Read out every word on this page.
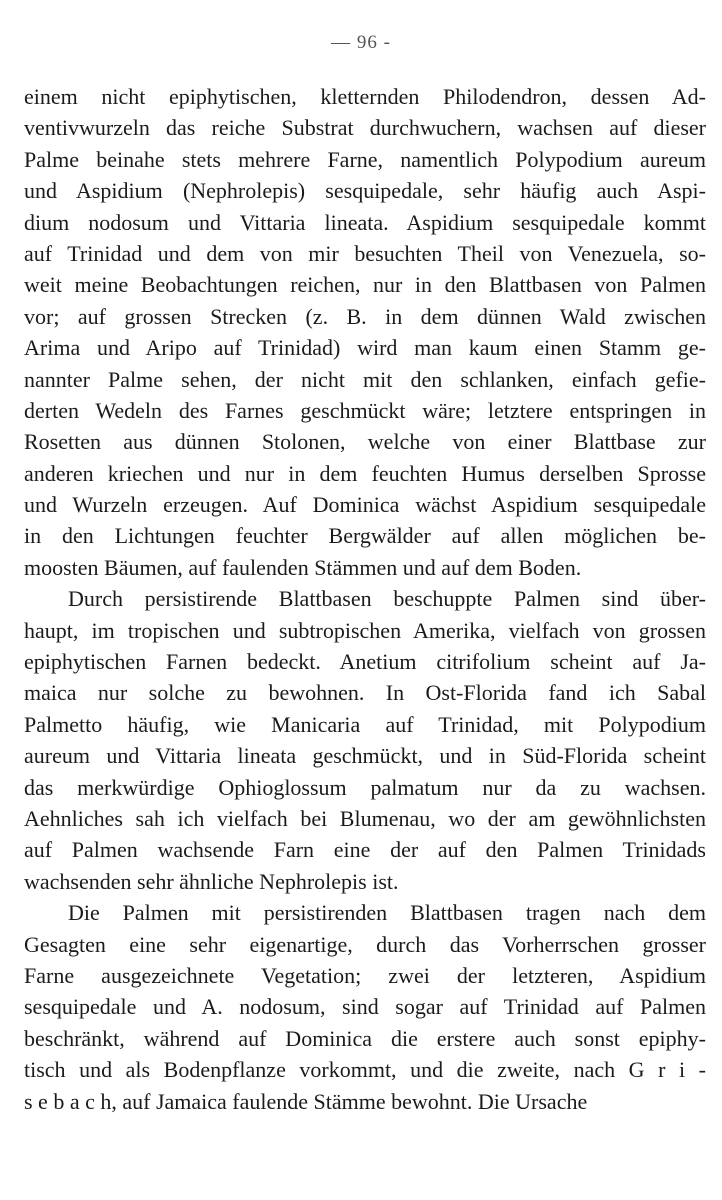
— 96 -
einem nicht epiphytischen, kletternden Philodendron, dessen Ad-
ventivwurzeln das reiche Substrat durchwuchern, wachsen auf dieser
Palme beinahe stets mehrere Farne, namentlich Polypodium aureum
und Aspidium (Nephrolepis) sesquipedale, sehr häufig auch Aspi-
dium nodosum und Vittaria lineata. Aspidium sesquipedale kommt
auf Trinidad und dem von mir besuchten Theil von Venezuela, so-
weit meine Beobachtungen reichen, nur in den Blattbasen von Palmen
vor; auf grossen Strecken (z. B. in dem dünnen Wald zwischen
Arima und Aripo auf Trinidad) wird man kaum einen Stamm ge-
nannter Palme sehen, der nicht mit den schlanken, einfach gefie-
derten Wedeln des Farnes geschmückt wäre; letztere entspringen in
Rosetten aus dünnen Stolonen, welche von einer Blattbase zur
anderen kriechen und nur in dem feuchten Humus derselben Sprosse
und Wurzeln erzeugen. Auf Dominica wächst Aspidium sesquipedale
in den Lichtungen feuchter Bergwälder auf allen möglichen be-
moosten Bäumen, auf faulenden Stämmen und auf dem Boden.
Durch persistirende Blattbasen beschuppte Palmen sind über-
haupt, im tropischen und subtropischen Amerika, vielfach von grossen
epiphytischen Farnen bedeckt. Anetium citrifolium scheint auf Ja-
maica nur solche zu bewohnen. In Ost-Florida fand ich Sabal
Palmetto häufig, wie Manicaria auf Trinidad, mit Polypodium
aureum und Vittaria lineata geschmückt, und in Süd-Florida scheint
das merkwürdige Ophioglossum palmatum nur da zu wachsen.
Aehnliches sah ich vielfach bei Blumenau, wo der am gewöhnlichsten
auf Palmen wachsende Farn eine der auf den Palmen Trinidads
wachsenden sehr ähnliche Nephrolepis ist.
Die Palmen mit persistirenden Blattbasen tragen nach dem
Gesagten eine sehr eigenartige, durch das Vorherrschen grosser
Farne ausgezeichnete Vegetation; zwei der letzteren, Aspidium
sesquipedale und A. nodosum, sind sogar auf Trinidad auf Palmen
beschränkt, während auf Dominica die erstere auch sonst epiphy-
tisch und als Bodenpflanze vorkommt, und die zweite, nach G r i -
s e b a c h, auf Jamaica faulende Stämme bewohnt. Die Ursache
